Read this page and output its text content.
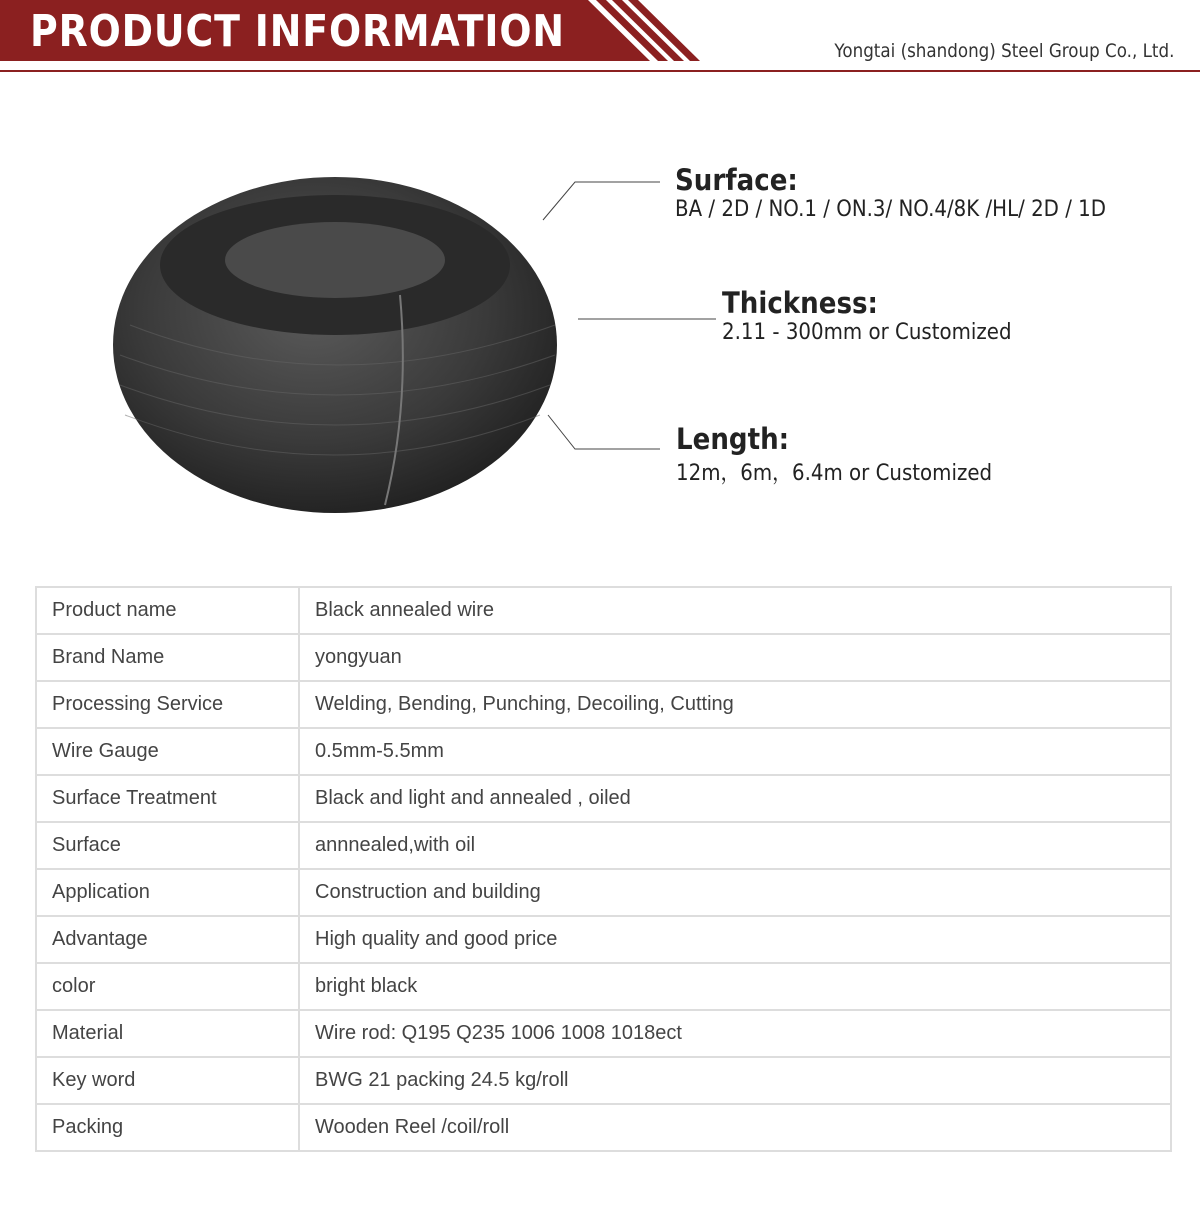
PRODUCT INFORMATION	Yongtai (shandong) Steel Group Co., Ltd.
Surface:
BA / 2D / NO.1 / ON.3/ NO.4/8K /HL/ 2D / 1D
Thickness:
2.11 - 300mm or Customized
Length:
12m，6m，6.4m or Customized
Product name	Black annealed wire
Brand Name	yongyuan
Processing Service	Welding, Bending, Punching, Decoiling, Cutting
Wire Gauge	0.5mm-5.5mm
Surface Treatment	Black and light and annealed , oiled
Surface	annnealed,with oil
Application	Construction and building
Advantage	High quality and good price
color	bright black
Material	Wire rod: Q195 Q235 1006 1008 1018ect
Key word	BWG 21 packing 24.5 kg/roll
Packing	Wooden Reel /coil/roll
